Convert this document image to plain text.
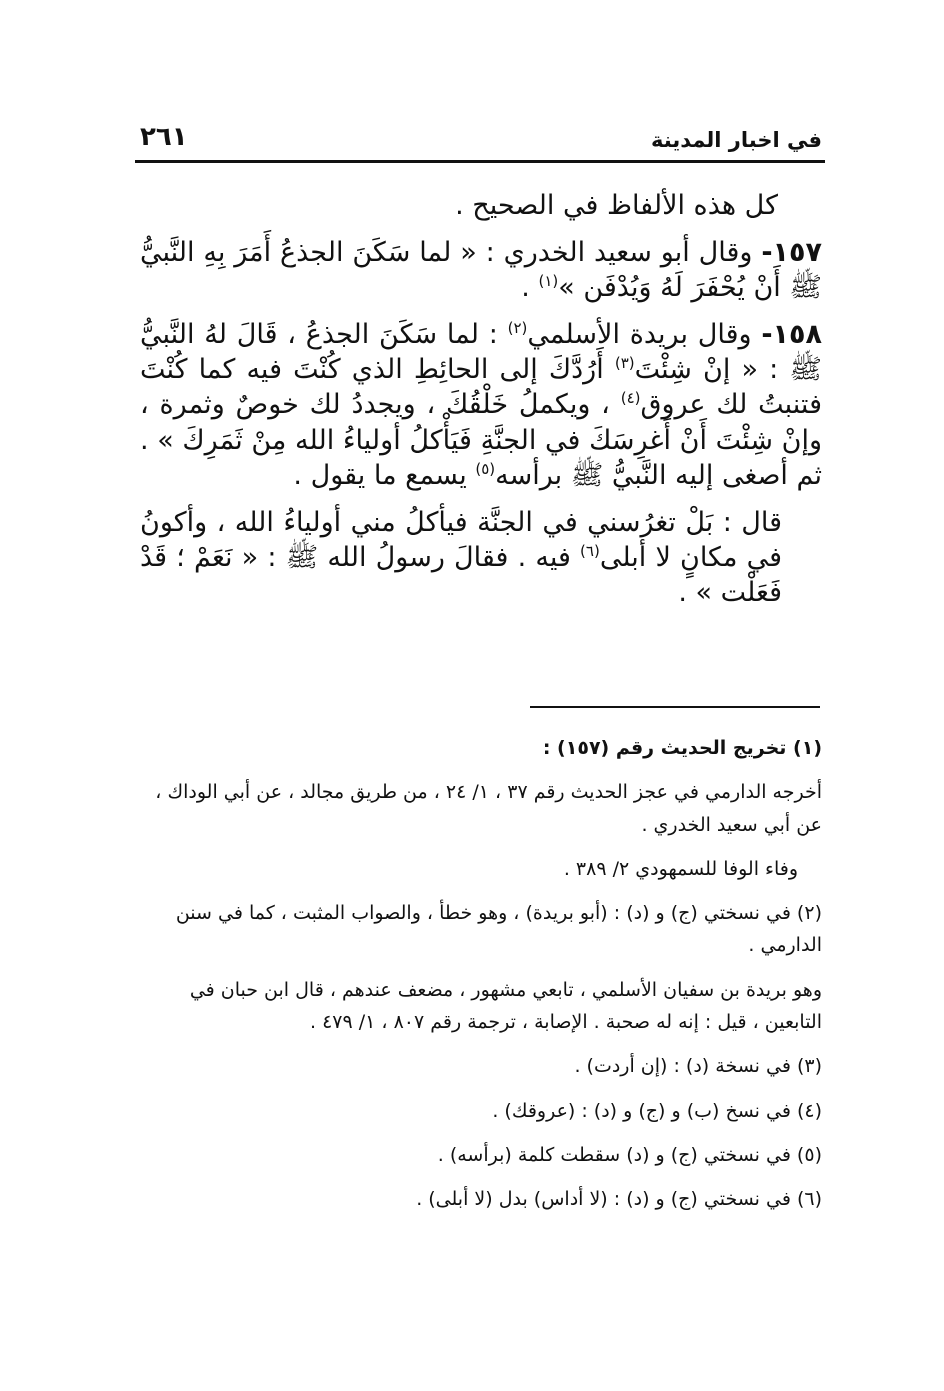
في اخبار المدينة
٢٦١

كل هذه الألفاظ في الصحيح .

١٥٧- وقال أبو سعيد الخدري : « لما سَكَنَ الجذعُ أَمَرَ بِهِ النَّبيُّ ﷺ أَنْ يُحْفَرَ لَهُ وَيُدْفَن »$^{(١)}$ .

١٥٨- وقال بريدة الأسلمي$^{(٢)}$ : لما سَكَنَ الجذعُ ، قَالَ لهُ النَّبيُّ ﷺ : « إنْ شِئْتَ$^{(٣)}$ أَرُدَّكَ إلى الحائِطِ الذي كُنْتَ فيه كما كُنْتَ فتنبتُ لك عروق$^{(٤)}$ ، ويكملُ خَلْقُكَ ، ويجددُ لك خوصٌ وثمرة ، وإنْ شِئْتَ أَنْ أَغرِسَكَ في الجنَّةِ فَيَأْكلُ أولياءُ الله مِنْ ثَمَرِكَ » . ثم أصغى إليه النَّبيُّ ﷺ برأسه$^{(٥)}$ يسمع ما يقول .

قال : بَلْ تغرُسني في الجنَّة فيأكلُ مني أولياءُ الله ، وأكونُ في مكانٍ لا أبلى$^{(٦)}$ فيه . فقالَ رسولُ الله ﷺ : « نَعَمْ ؛ قَدْ فَعَلْت » .

(١) تخريج الحديث رقم (١٥٧) :

أخرجه الدارمي في عجز الحديث رقم ٣٧ ، ١/ ٢٤ ، من طريق مجالد ، عن أبي الوداك ، عن أبي سعيد الخدري .

وفاء الوفا للسمهودي ٢/ ٣٨٩ .

(٢) في نسختي (ج) و (د) : (أبو بريدة) ، وهو خطأ ، والصواب المثبت ، كما في سنن الدارمي .

وهو بريدة بن سفيان الأسلمي ، تابعي مشهور ، مضعف عندهم ، قال ابن حبان في التابعين ، قيل : إنه له صحبة . الإصابة ، ترجمة رقم ٨٠٧ ، ١/ ٤٧٩ .

(٣) في نسخة (د) : (إن أردت) .

(٤) في نسخ (ب) و (ج) و (د) : (عروقك) .

(٥) في نسختي (ج) و (د) سقطت كلمة (برأسه) .

(٦) في نسختي (ج) و (د) : (لا أداس) بدل (لا أبلى) .
